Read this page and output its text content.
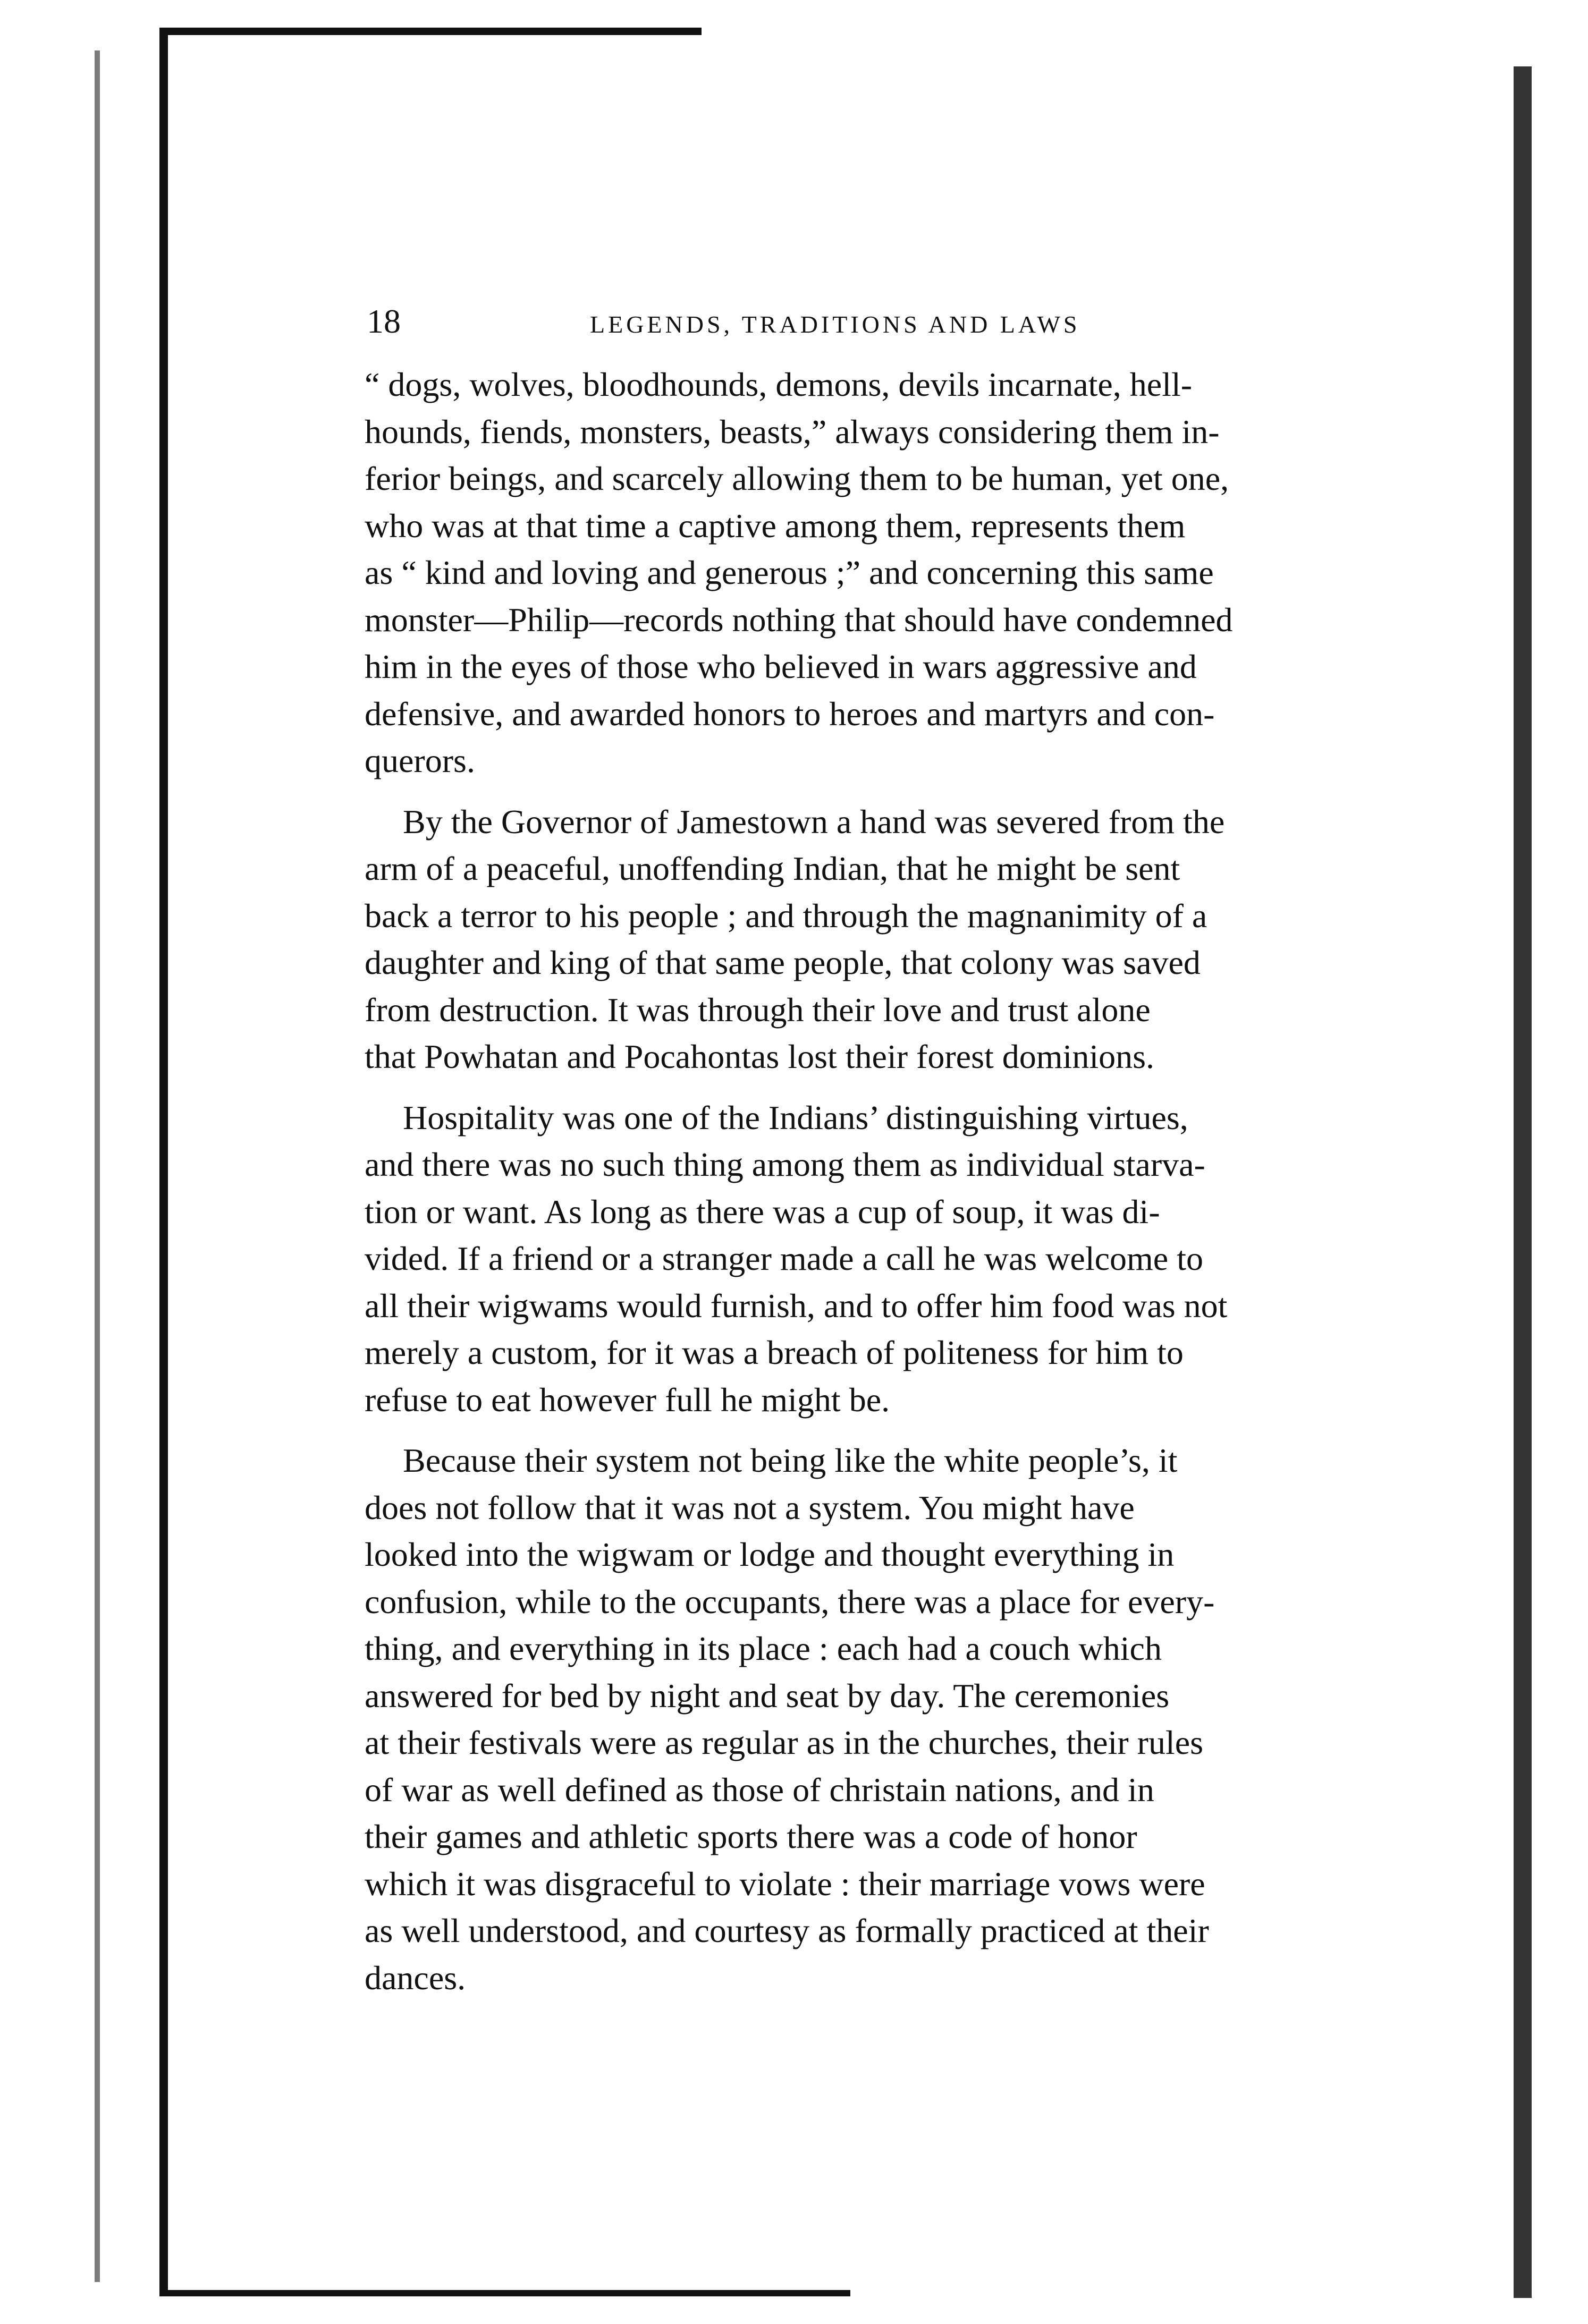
18	LEGENDS, TRADITIONS AND LAWS

“ dogs, wolves, bloodhounds, demons, devils incarnate, hell-
hounds, fiends, monsters, beasts,” always considering them in-
ferior beings, and scarcely allowing them to be human, yet one,
who was at that time a captive among them, represents them
as “ kind and loving and generous ;” and concerning this same
monster—Philip—records nothing that should have condemned
him in the eyes of those who believed in wars aggressive and
defensive, and awarded honors to heroes and martyrs and con-
querors.

By the Governor of Jamestown a hand was severed from the
arm of a peaceful, unoffending Indian, that he might be sent
back a terror to his people ; and through the magnanimity of a
daughter and king of that same people, that colony was saved
from destruction. It was through their love and trust alone
that Powhatan and Pocahontas lost their forest dominions.

Hospitality was one of the Indians’ distinguishing virtues,
and there was no such thing among them as individual starva-
tion or want. As long as there was a cup of soup, it was di-
vided. If a friend or a stranger made a call he was welcome to
all their wigwams would furnish, and to offer him food was not
merely a custom, for it was a breach of politeness for him to
refuse to eat however full he might be.

Because their system not being like the white people’s, it
does not follow that it was not a system. You might have
looked into the wigwam or lodge and thought everything in
confusion, while to the occupants, there was a place for every-
thing, and everything in its place : each had a couch which
answered for bed by night and seat by day. The ceremonies
at their festivals were as regular as in the churches, their rules
of war as well defined as those of christain nations, and in
their games and athletic sports there was a code of honor
which it was disgraceful to violate : their marriage vows were
as well understood, and courtesy as formally practiced at their
dances.
